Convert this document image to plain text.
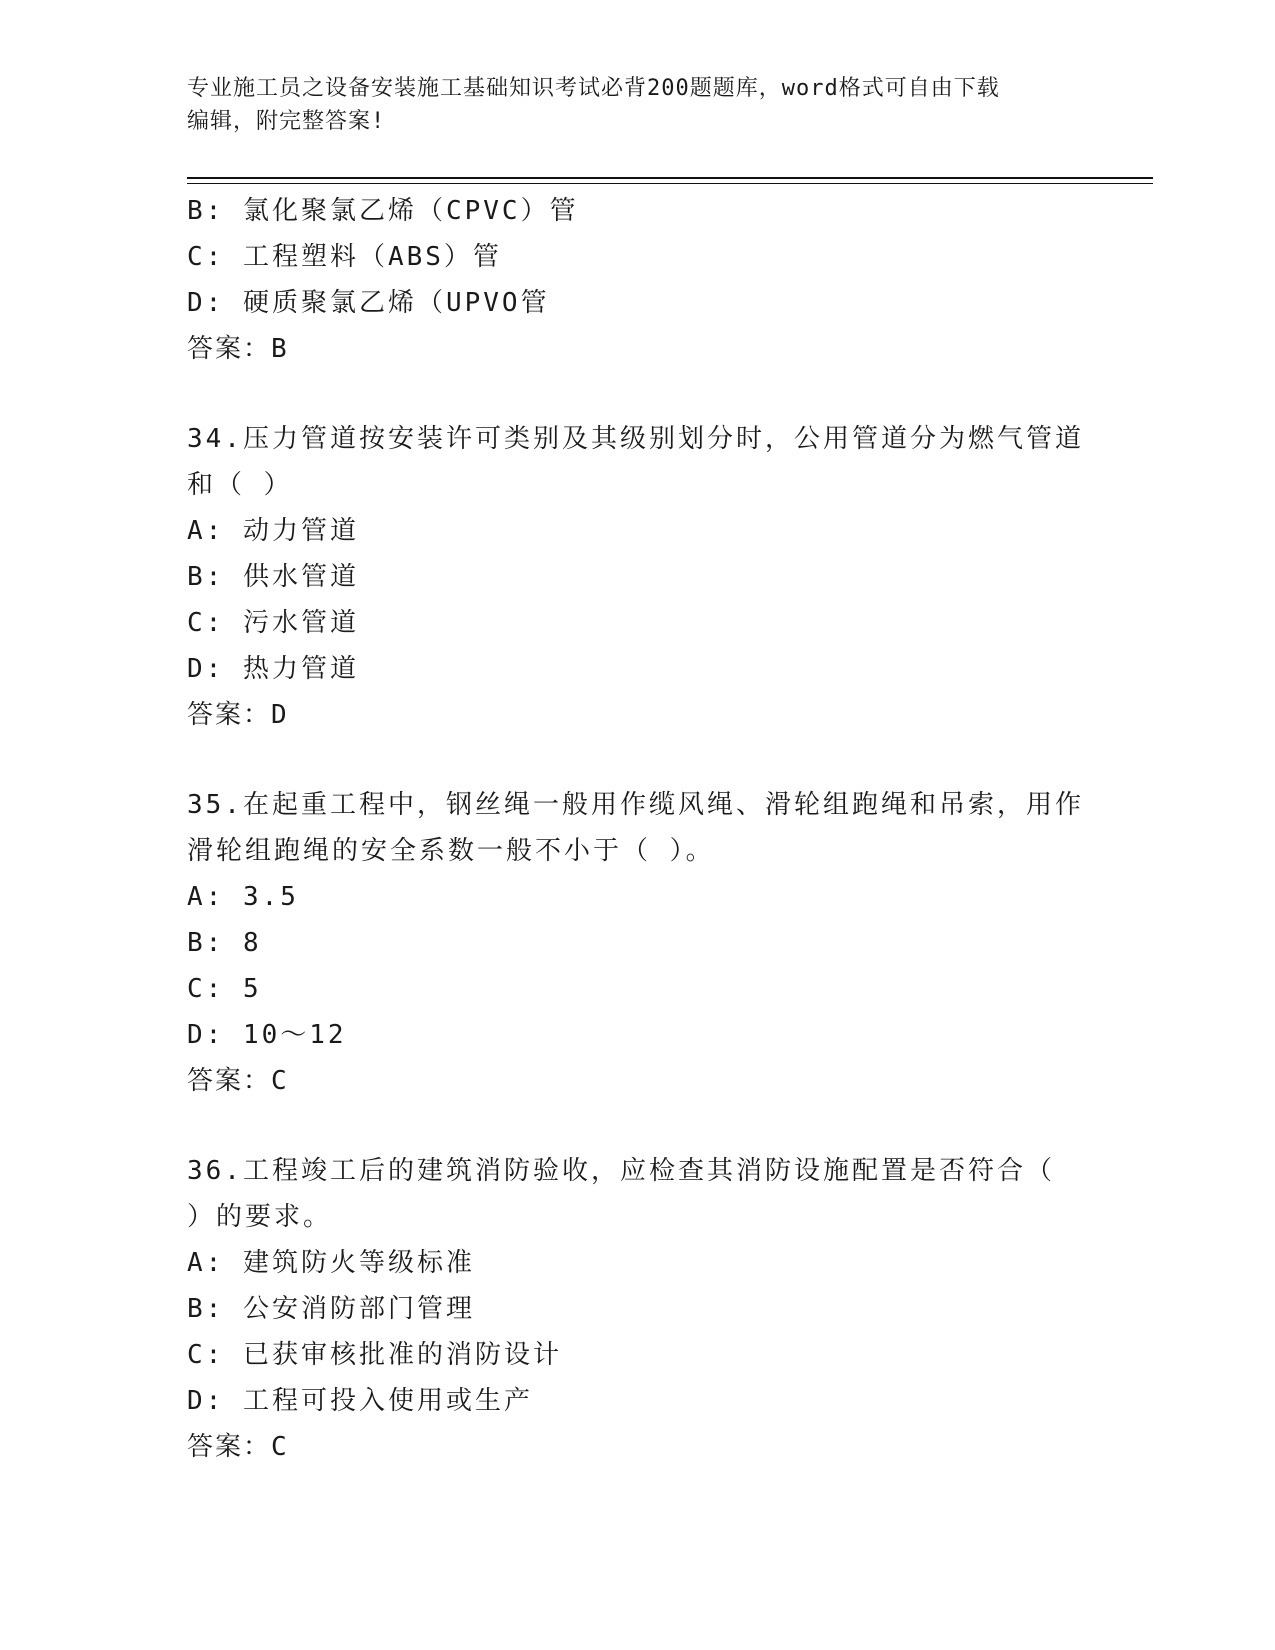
专业施工员之设备安装施工基础知识考试必背200题题库，word格式可自由下载
编辑，附完整答案!
B: 氯化聚氯乙烯（CPVC）管
C: 工程塑料（ABS）管
D: 硬质聚氯乙烯（UPVO管
答案：B
34.压力管道按安装许可类别及其级别划分时，公用管道分为燃气管道
和（ ）
A: 动力管道
B: 供水管道
C: 污水管道
D: 热力管道
答案：D
35.在起重工程中，钢丝绳一般用作缆风绳、滑轮组跑绳和吊索，用作
滑轮组跑绳的安全系数一般不小于（ ）。
A: 3.5
B: 8
C: 5
D: 10～12
答案：C
36.工程竣工后的建筑消防验收，应检查其消防设施配置是否符合（
）的要求。
A: 建筑防火等级标准
B: 公安消防部门管理
C: 已获审核批准的消防设计
D: 工程可投入使用或生产
答案：C
